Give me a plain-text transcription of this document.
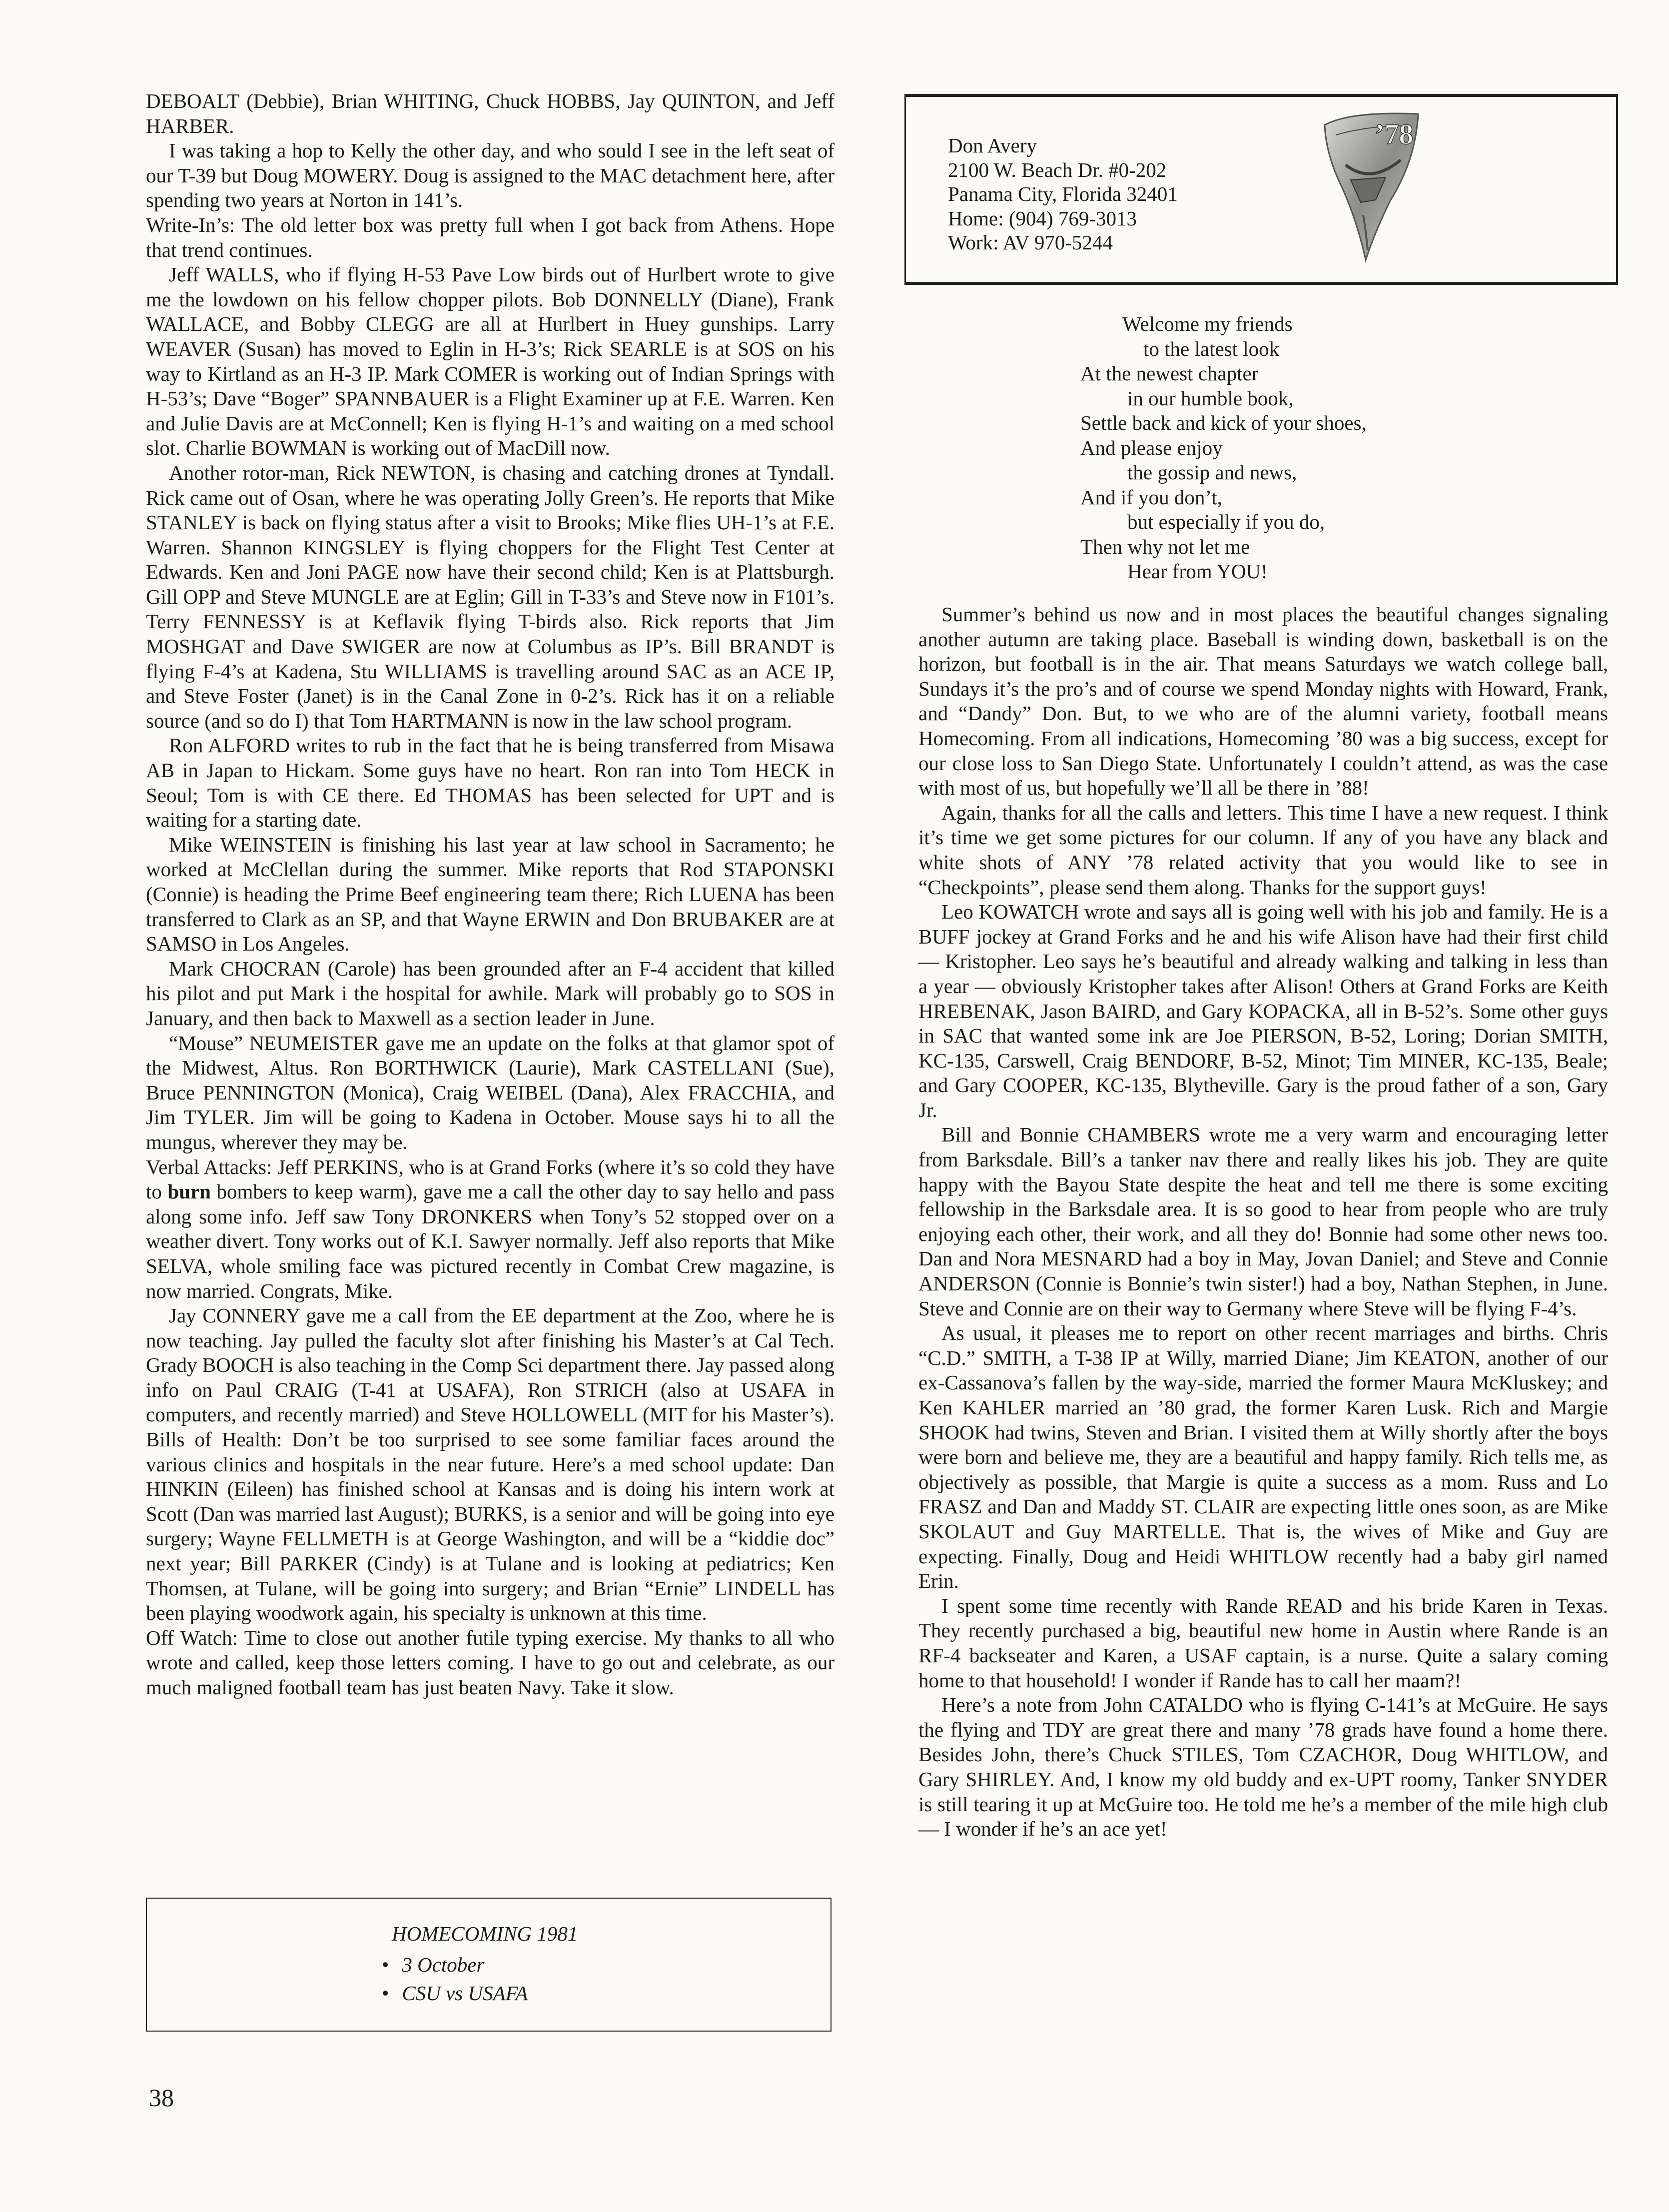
DEBOALT (Debbie), Brian WHITING, Chuck HOBBS, Jay QUINTON, and Jeff HARBER.

I was taking a hop to Kelly the other day, and who sould I see in the left seat of our T-39 but Doug MOWERY. Doug is assigned to the MAC detachment here, after spending two years at Norton in 141’s.

Write-In’s: The old letter box was pretty full when I got back from Athens. Hope that trend continues.

Jeff WALLS, who if flying H-53 Pave Low birds out of Hurlbert wrote to give me the lowdown on his fellow chopper pilots. Bob DONNELLY (Diane), Frank WALLACE, and Bobby CLEGG are all at Hurlbert in Huey gunships. Larry WEAVER (Susan) has moved to Eglin in H-3’s; Rick SEARLE is at SOS on his way to Kirtland as an H-3 IP. Mark COMER is working out of Indian Springs with H-53’s; Dave “Boger” SPANNBAUER is a Flight Examiner up at F.E. Warren. Ken and Julie Davis are at McConnell; Ken is flying H-1’s and waiting on a med school slot. Charlie BOWMAN is working out of MacDill now.

Another rotor-man, Rick NEWTON, is chasing and catching drones at Tyndall. Rick came out of Osan, where he was operating Jolly Green’s. He reports that Mike STANLEY is back on flying status after a visit to Brooks; Mike flies UH-1’s at F.E. Warren. Shannon KINGSLEY is flying choppers for the Flight Test Center at Edwards. Ken and Joni PAGE now have their second child; Ken is at Plattsburgh. Gill OPP and Steve MUNGLE are at Eglin; Gill in T-33’s and Steve now in F101’s. Terry FENNESSY is at Keflavik flying T-birds also. Rick reports that Jim MOSHGAT and Dave SWIGER are now at Columbus as IP’s. Bill BRANDT is flying F-4’s at Kadena, Stu WILLIAMS is travelling around SAC as an ACE IP, and Steve Foster (Janet) is in the Canal Zone in 0-2’s. Rick has it on a reliable source (and so do I) that Tom HARTMANN is now in the law school program.

Ron ALFORD writes to rub in the fact that he is being transferred from Misawa AB in Japan to Hickam. Some guys have no heart. Ron ran into Tom HECK in Seoul; Tom is with CE there. Ed THOMAS has been selected for UPT and is waiting for a starting date.

Mike WEINSTEIN is finishing his last year at law school in Sacramento; he worked at McClellan during the summer. Mike reports that Rod STAPONSKI (Connie) is heading the Prime Beef engineering team there; Rich LUENA has been transferred to Clark as an SP, and that Wayne ERWIN and Don BRUBAKER are at SAMSO in Los Angeles.

Mark CHOCRAN (Carole) has been grounded after an F-4 accident that killed his pilot and put Mark i the hospital for awhile. Mark will probably go to SOS in January, and then back to Maxwell as a section leader in June.

“Mouse” NEUMEISTER gave me an update on the folks at that glamor spot of the Midwest, Altus. Ron BORTHWICK (Laurie), Mark CASTELLANI (Sue), Bruce PENNINGTON (Monica), Craig WEIBEL (Dana), Alex FRACCHIA, and Jim TYLER. Jim will be going to Kadena in October. Mouse says hi to all the mungus, wherever they may be.

Verbal Attacks: Jeff PERKINS, who is at Grand Forks (where it’s so cold they have to burn bombers to keep warm), gave me a call the other day to say hello and pass along some info. Jeff saw Tony DRONKERS when Tony’s 52 stopped over on a weather divert. Tony works out of K.I. Sawyer normally. Jeff also reports that Mike SELVA, whole smiling face was pictured recently in Combat Crew magazine, is now married. Congrats, Mike.

Jay CONNERY gave me a call from the EE department at the Zoo, where he is now teaching. Jay pulled the faculty slot after finishing his Master’s at Cal Tech. Grady BOOCH is also teaching in the Comp Sci department there. Jay passed along info on Paul CRAIG (T-41 at USAFA), Ron STRICH (also at USAFA in computers, and recently married) and Steve HOLLOWELL (MIT for his Master’s). Bills of Health: Don’t be too surprised to see some familiar faces around the various clinics and hospitals in the near future. Here’s a med school update: Dan HINKIN (Eileen) has finished school at Kansas and is doing his intern work at Scott (Dan was married last August); BURKS, is a senior and will be going into eye surgery; Wayne FELLMETH is at George Washington, and will be a “kiddie doc” next year; Bill PARKER (Cindy) is at Tulane and is looking at pediatrics; Ken Thomsen, at Tulane, will be going into surgery; and Brian “Ernie” LINDELL has been playing woodwork again, his specialty is unknown at this time.

Off Watch: Time to close out another futile typing exercise. My thanks to all who wrote and called, keep those letters coming. I have to go out and celebrate, as our much maligned football team has just beaten Navy. Take it slow.

HOMECOMING 1981
• 3 October
• CSU vs USAFA
Don Avery
2100 W. Beach Dr. #0-202
Panama City, Florida 32401
Home: (904) 769-3013
Work: AV 970-5244
’78
Welcome my friends
to the latest look
At the newest chapter
in our humble book,
Settle back and kick of your shoes,
And please enjoy
the gossip and news,
And if you don’t,
but especially if you do,
Then why not let me
Hear from YOU!

Summer’s behind us now and in most places the beautiful changes signaling another autumn are taking place. Baseball is winding down, basketball is on the horizon, but football is in the air. That means Saturdays we watch college ball, Sundays it’s the pro’s and of course we spend Monday nights with Howard, Frank, and “Dandy” Don. But, to we who are of the alumni variety, football means Homecoming. From all indications, Homecoming ’80 was a big success, except for our close loss to San Diego State. Unfortunately I couldn’t attend, as was the case with most of us, but hopefully we’ll all be there in ’88!

Again, thanks for all the calls and letters. This time I have a new request. I think it’s time we get some pictures for our column. If any of you have any black and white shots of ANY ’78 related activity that you would like to see in “Checkpoints”, please send them along. Thanks for the support guys!

Leo KOWATCH wrote and says all is going well with his job and family. He is a BUFF jockey at Grand Forks and he and his wife Alison have had their first child — Kristopher. Leo says he’s beautiful and already walking and talking in less than a year — obviously Kristopher takes after Alison! Others at Grand Forks are Keith HREBENAK, Jason BAIRD, and Gary KOPACKA, all in B-52’s. Some other guys in SAC that wanted some ink are Joe PIERSON, B-52, Loring; Dorian SMITH, KC-135, Carswell, Craig BENDORF, B-52, Minot; Tim MINER, KC-135, Beale; and Gary COOPER, KC-135, Blytheville. Gary is the proud father of a son, Gary Jr.

Bill and Bonnie CHAMBERS wrote me a very warm and encouraging letter from Barksdale. Bill’s a tanker nav there and really likes his job. They are quite happy with the Bayou State despite the heat and tell me there is some exciting fellowship in the Barksdale area. It is so good to hear from people who are truly enjoying each other, their work, and all they do! Bonnie had some other news too. Dan and Nora MESNARD had a boy in May, Jovan Daniel; and Steve and Connie ANDERSON (Connie is Bonnie’s twin sister!) had a boy, Nathan Stephen, in June. Steve and Connie are on their way to Germany where Steve will be flying F-4’s.

As usual, it pleases me to report on other recent marriages and births. Chris “C.D.” SMITH, a T-38 IP at Willy, married Diane; Jim KEATON, another of our ex-Cassanova’s fallen by the way-side, married the former Maura McKluskey; and Ken KAHLER married an ’80 grad, the former Karen Lusk. Rich and Margie SHOOK had twins, Steven and Brian. I visited them at Willy shortly after the boys were born and believe me, they are a beautiful and happy family. Rich tells me, as objectively as possible, that Margie is quite a success as a mom. Russ and Lo FRASZ and Dan and Maddy ST. CLAIR are expecting little ones soon, as are Mike SKOLAUT and Guy MARTELLE. That is, the wives of Mike and Guy are expecting. Finally, Doug and Heidi WHITLOW recently had a baby girl named Erin.

I spent some time recently with Rande READ and his bride Karen in Texas. They recently purchased a big, beautiful new home in Austin where Rande is an RF-4 backseater and Karen, a USAF captain, is a nurse. Quite a salary coming home to that household! I wonder if Rande has to call her maam?!

Here’s a note from John CATALDO who is flying C-141’s at McGuire. He says the flying and TDY are great there and many ’78 grads have found a home there. Besides John, there’s Chuck STILES, Tom CZACHOR, Doug WHITLOW, and Gary SHIRLEY. And, I know my old buddy and ex-UPT roomy, Tanker SNYDER is still tearing it up at McGuire too. He told me he’s a member of the mile high club — I wonder if he’s an ace yet!

38
